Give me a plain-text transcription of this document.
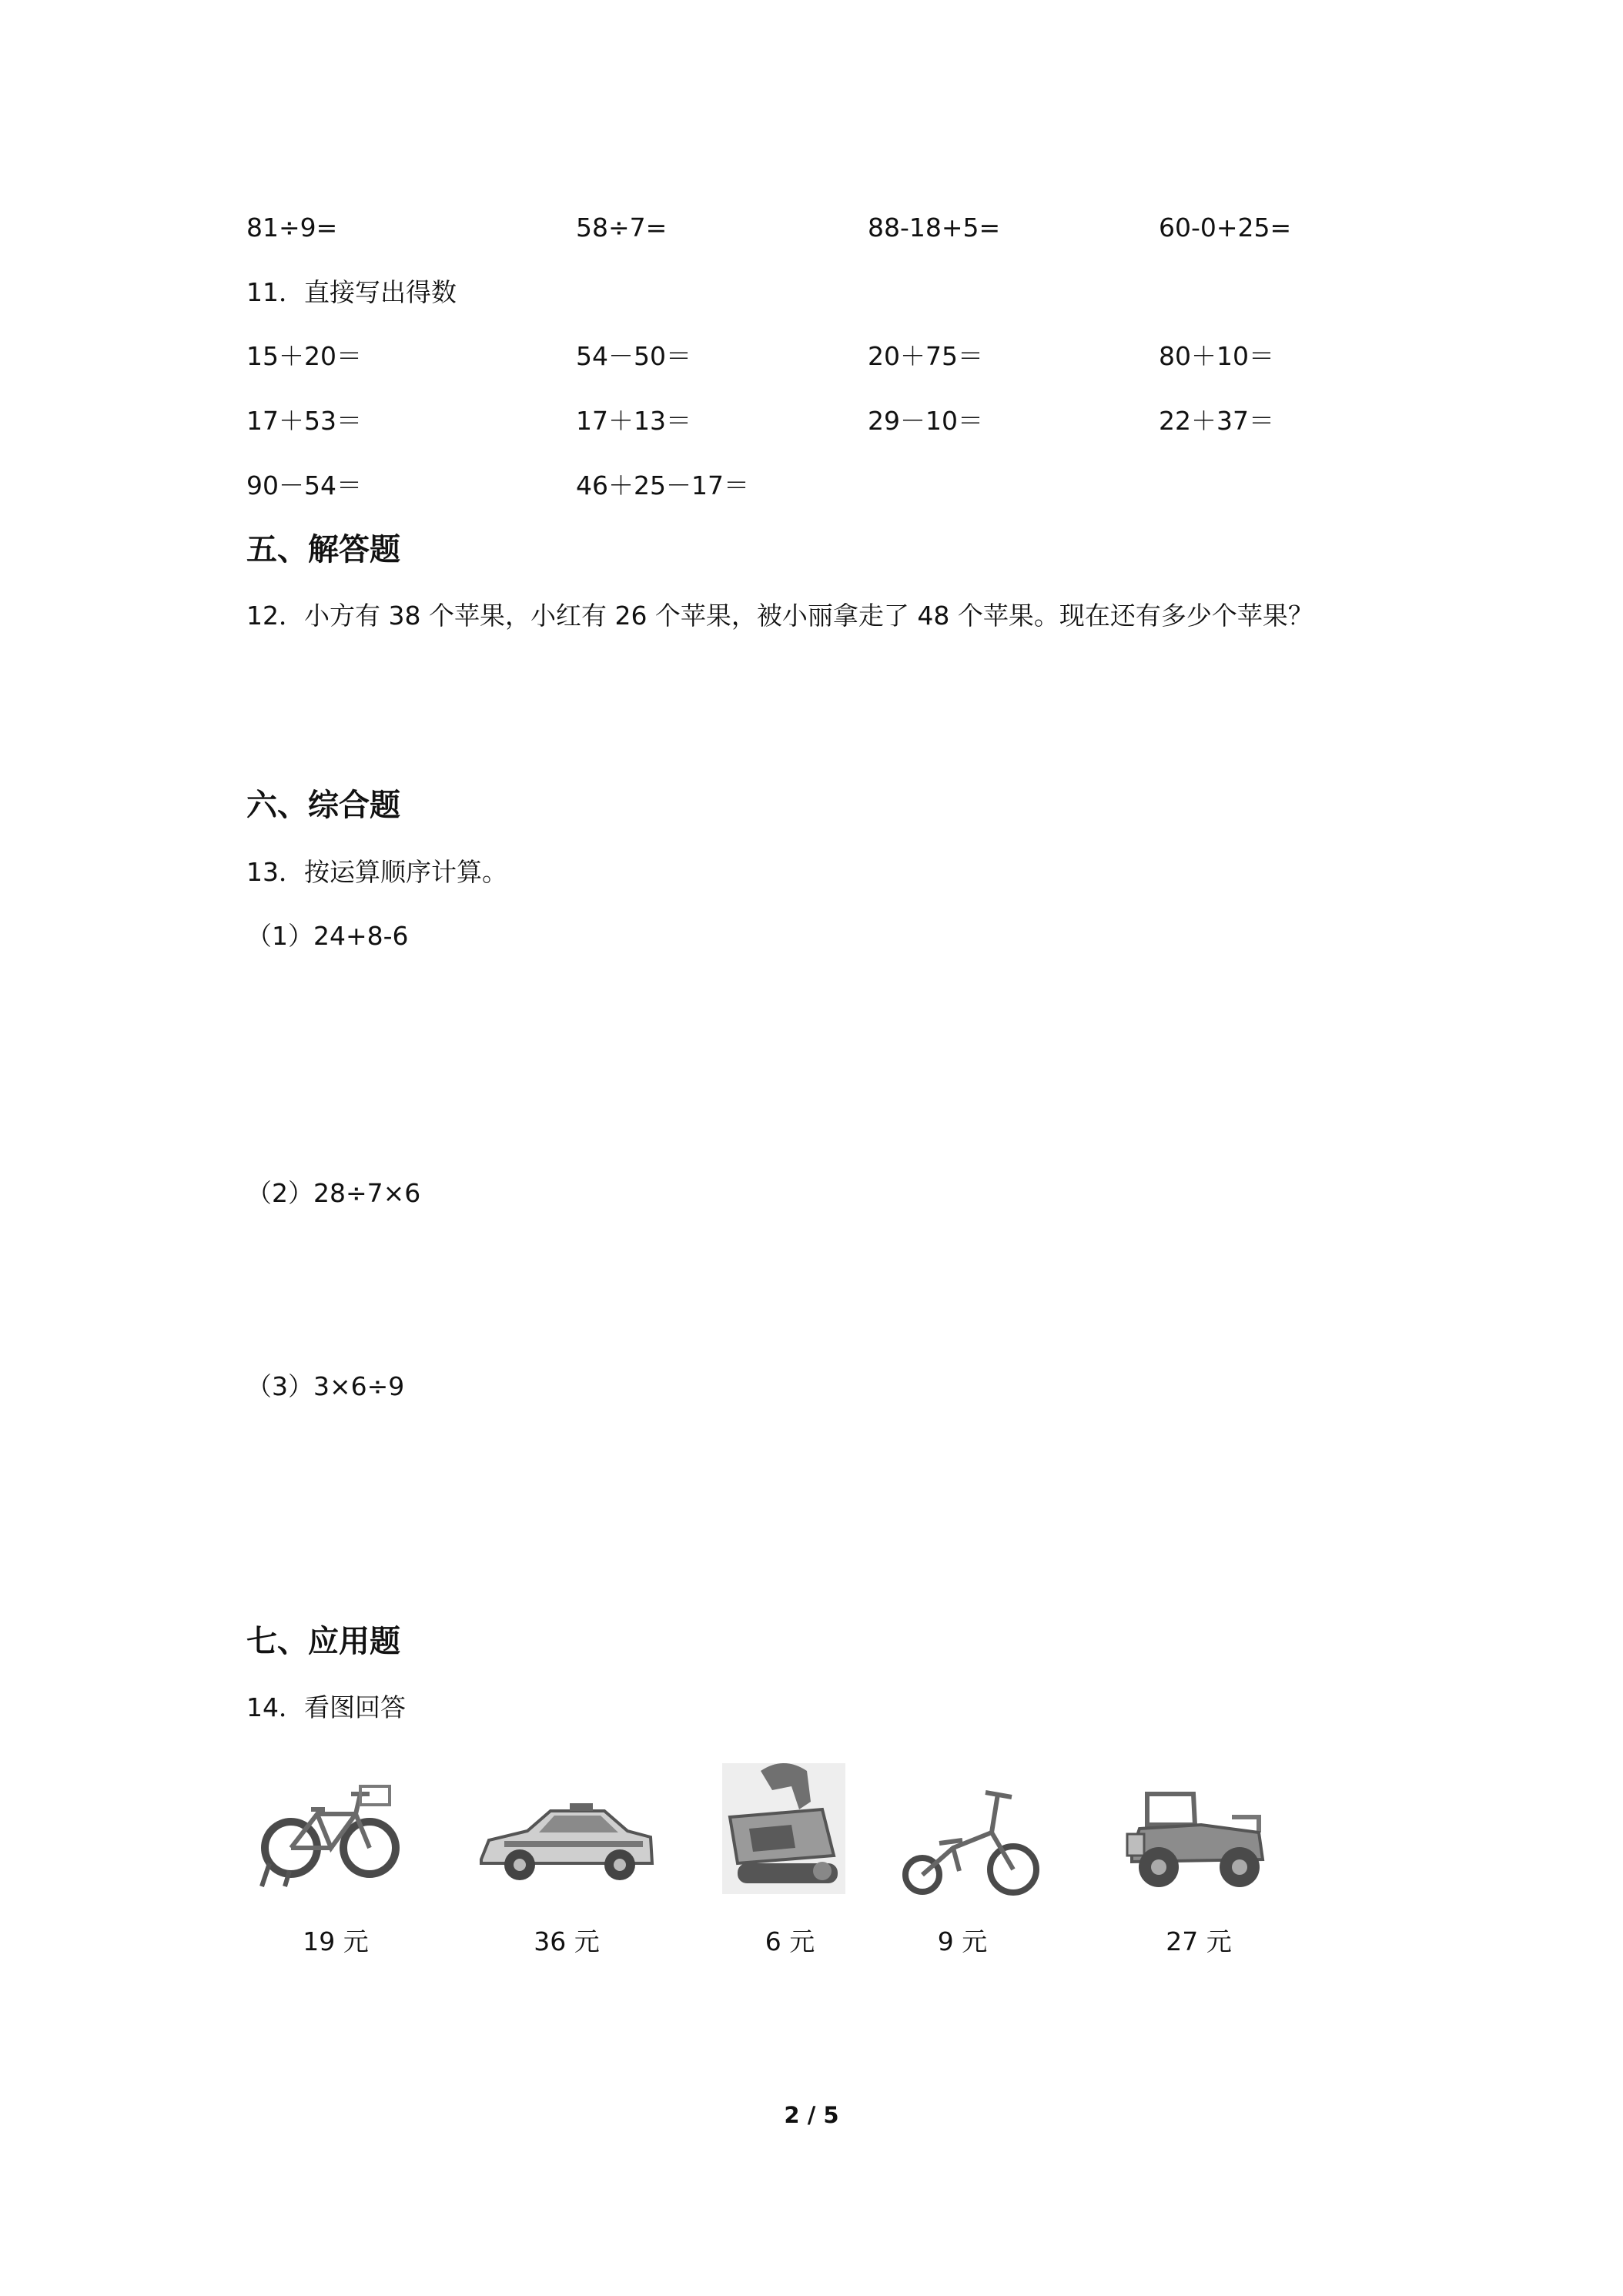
81÷9=	58÷7=	88-18+5=	60-0+25=
11．直接写出得数
15＋20＝	54－50＝	20＋75＝	80＋10＝
17＋53＝	17＋13＝	29－10＝	22＋37＝
90－54＝	46＋25－17＝
五、解答题
12．小方有 38 个苹果，小红有 26 个苹果，被小丽拿走了 48 个苹果。现在还有多少个苹果？
六、综合题
13．按运算顺序计算。
（1）24+8-6
（2）28÷7×6
（3）3×6÷9
七、应用题
14．看图回答
19 元	36 元	6 元	9 元	27 元
2 / 5
